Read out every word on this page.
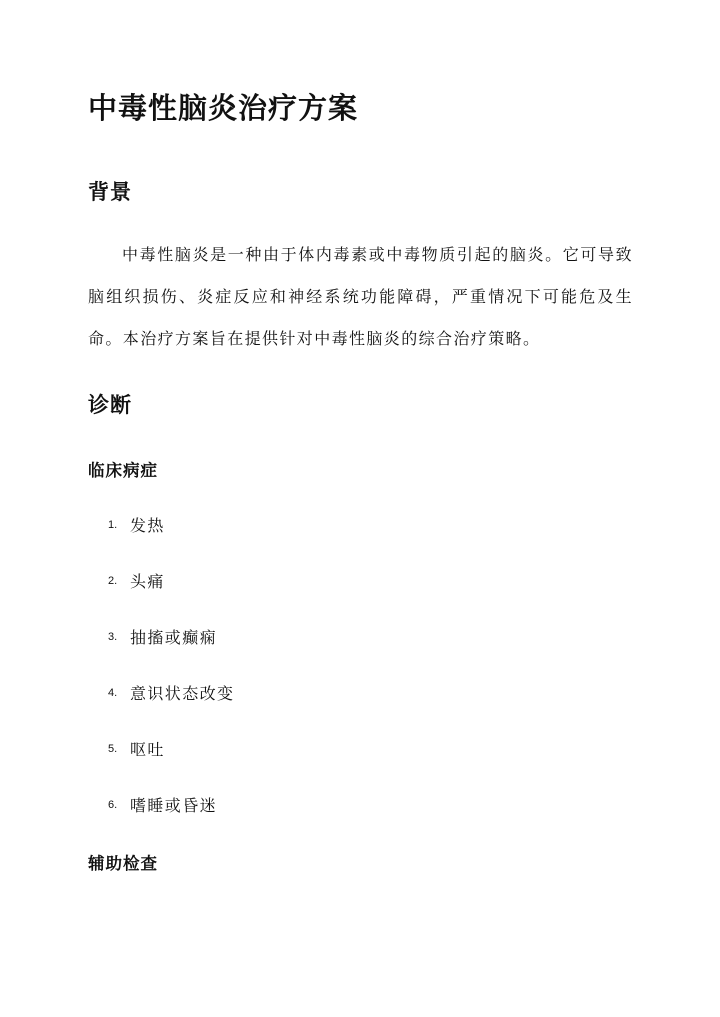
中毒性脑炎治疗方案
背景

中毒性脑炎是一种由于体内毒素或中毒物质引起的脑炎。它可导致脑组织损伤、炎症反应和神经系统功能障碍，严重情况下可能危及生命。本治疗方案旨在提供针对中毒性脑炎的综合治疗策略。

诊断
临床病症
1. 发热
2. 头痛
3. 抽搐或癫痫
4. 意识状态改变
5. 呕吐
6. 嗜睡或昏迷
辅助检查
